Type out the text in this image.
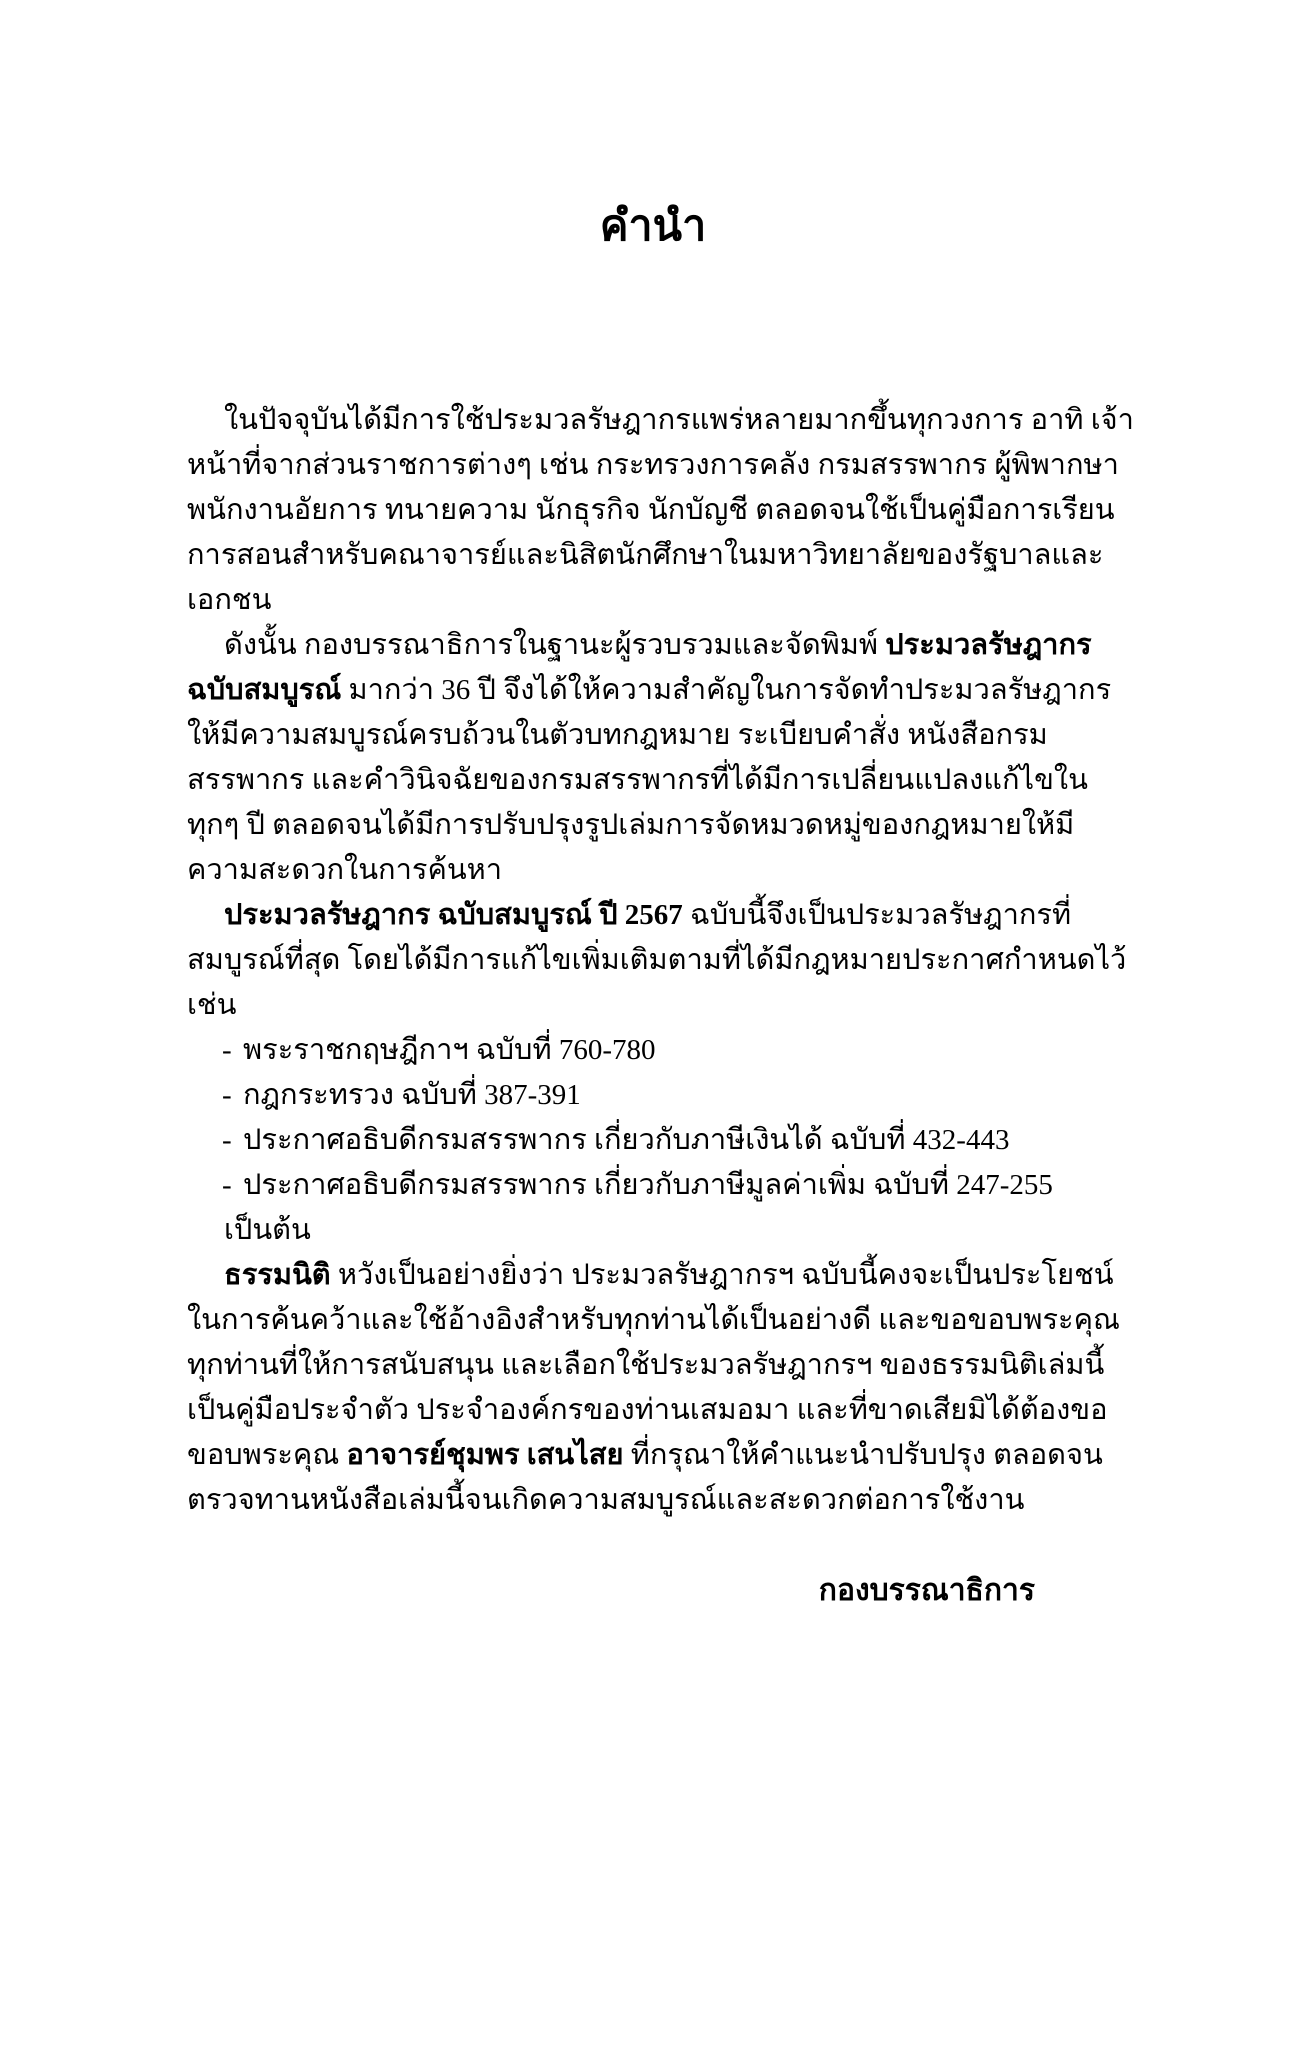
คำนำ

ในปัจจุบันได้มีการใช้ประมวลรัษฎากรแพร่หลายมากขึ้นทุกวงการ อาทิ เจ้าหน้าที่จากส่วนราชการต่างๆ เช่น กระทรวงการคลัง กรมสรรพากร ผู้พิพากษา พนักงานอัยการ ทนายความ นักธุรกิจ นักบัญชี ตลอดจนใช้เป็นคู่มือการเรียนการสอนสำหรับคณาจารย์และนิสิตนักศึกษาในมหาวิทยาลัยของรัฐบาลและเอกชน

ดังนั้น กองบรรณาธิการในฐานะผู้รวบรวมและจัดพิมพ์ ประมวลรัษฎากร ฉบับสมบูรณ์ มากว่า 36 ปี จึงได้ให้ความสำคัญในการจัดทำประมวลรัษฎากรให้มีความสมบูรณ์ครบถ้วนในตัวบทกฎหมาย ระเบียบคำสั่ง หนังสือกรมสรรพากร และคำวินิจฉัยของกรมสรรพากรที่ได้มีการเปลี่ยนแปลงแก้ไขในทุกๆ ปี ตลอดจนได้มีการปรับปรุงรูปเล่มการจัดหมวดหมู่ของกฎหมายให้มีความสะดวกในการค้นหา

ประมวลรัษฎากร ฉบับสมบูรณ์ ปี 2567 ฉบับนี้จึงเป็นประมวลรัษฎากรที่สมบูรณ์ที่สุด โดยได้มีการแก้ไขเพิ่มเติมตามที่ได้มีกฎหมายประกาศกำหนดไว้ เช่น

- พระราชกฤษฎีกาฯ ฉบับที่ 760-780
- กฎกระทรวง ฉบับที่ 387-391
- ประกาศอธิบดีกรมสรรพากร เกี่ยวกับภาษีเงินได้ ฉบับที่ 432-443
- ประกาศอธิบดีกรมสรรพากร เกี่ยวกับภาษีมูลค่าเพิ่ม ฉบับที่ 247-255

เป็นต้น

ธรรมนิติ หวังเป็นอย่างยิ่งว่า ประมวลรัษฎากรฯ ฉบับนี้คงจะเป็นประโยชน์ในการค้นคว้าและใช้อ้างอิงสำหรับทุกท่านได้เป็นอย่างดี และขอขอบพระคุณทุกท่านที่ให้การสนับสนุน และเลือกใช้ประมวลรัษฎากรฯ ของธรรมนิติเล่มนี้เป็นคู่มือประจำตัว ประจำองค์กรของท่านเสมอมา และที่ขาดเสียมิได้ต้องขอขอบพระคุณ อาจารย์ชุมพร เสนไสย ที่กรุณาให้คำแนะนำปรับปรุง ตลอดจนตรวจทานหนังสือเล่มนี้จนเกิดความสมบูรณ์และสะดวกต่อการใช้งาน

กองบรรณาธิการ
